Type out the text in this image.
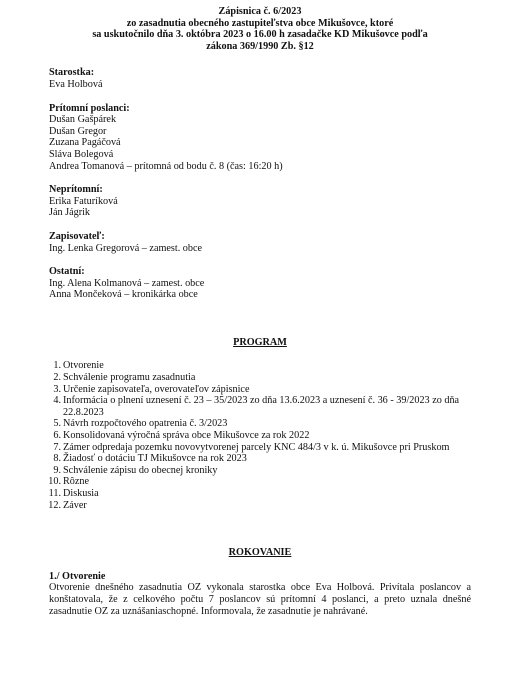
Zápisnica č. 6/2023
zo zasadnutia obecného zastupiteľstva obce Mikušovce, ktoré
sa uskutočnilo dňa 3. októbra 2023 o 16.00 h zasadačke KD Mikušovce podľa
zákona 369/1990 Zb. §12
Starostka:
Eva Holbová
Prítomní poslanci:
Dušan Gašpárek
Dušan Gregor
Zuzana Pagáčová
Sláva Bolegová
Andrea Tomanová – prítomná od bodu č. 8 (čas: 16:20 h)
Neprítomní:
Erika Faturíková
Ján Jágrik
Zapisovateľ:
Ing. Lenka Gregorová – zamest. obce
Ostatní:
Ing. Alena Kolmanová – zamest. obce
Anna Mončeková – kronikárka obce
PROGRAM
1. Otvorenie
2. Schválenie programu zasadnutia
3. Určenie zapisovateľa, overovateľov zápisnice
4. Informácia o plnení uznesení č. 23 – 35/2023 zo dňa 13.6.2023 a uznesení č. 36 - 39/2023 zo dňa
22.8.2023
5. Návrh rozpočtového opatrenia č. 3/2023
6. Konsolidovaná výročná správa obce Mikušovce za rok 2022
7. Zámer odpredaja pozemku novovytvorenej parcely KNC 484/3 v k. ú. Mikušovce pri Pruskom
8. Žiadosť o dotáciu TJ Mikušovce na rok 2023
9. Schválenie zápisu do obecnej kroniky
10. Rôzne
11. Diskusia
12. Záver
ROKOVANIE
1./ Otvorenie
Otvorenie dnešného zasadnutia OZ vykonala starostka obce Eva Holbová. Privítala poslancov a konštatovala, že z celkového počtu 7 poslancov sú prítomní 4 poslanci, a preto uznala dnešné zasadnutie OZ za uznášaniaschopné. Informovala, že zasadnutie je nahrávané.
